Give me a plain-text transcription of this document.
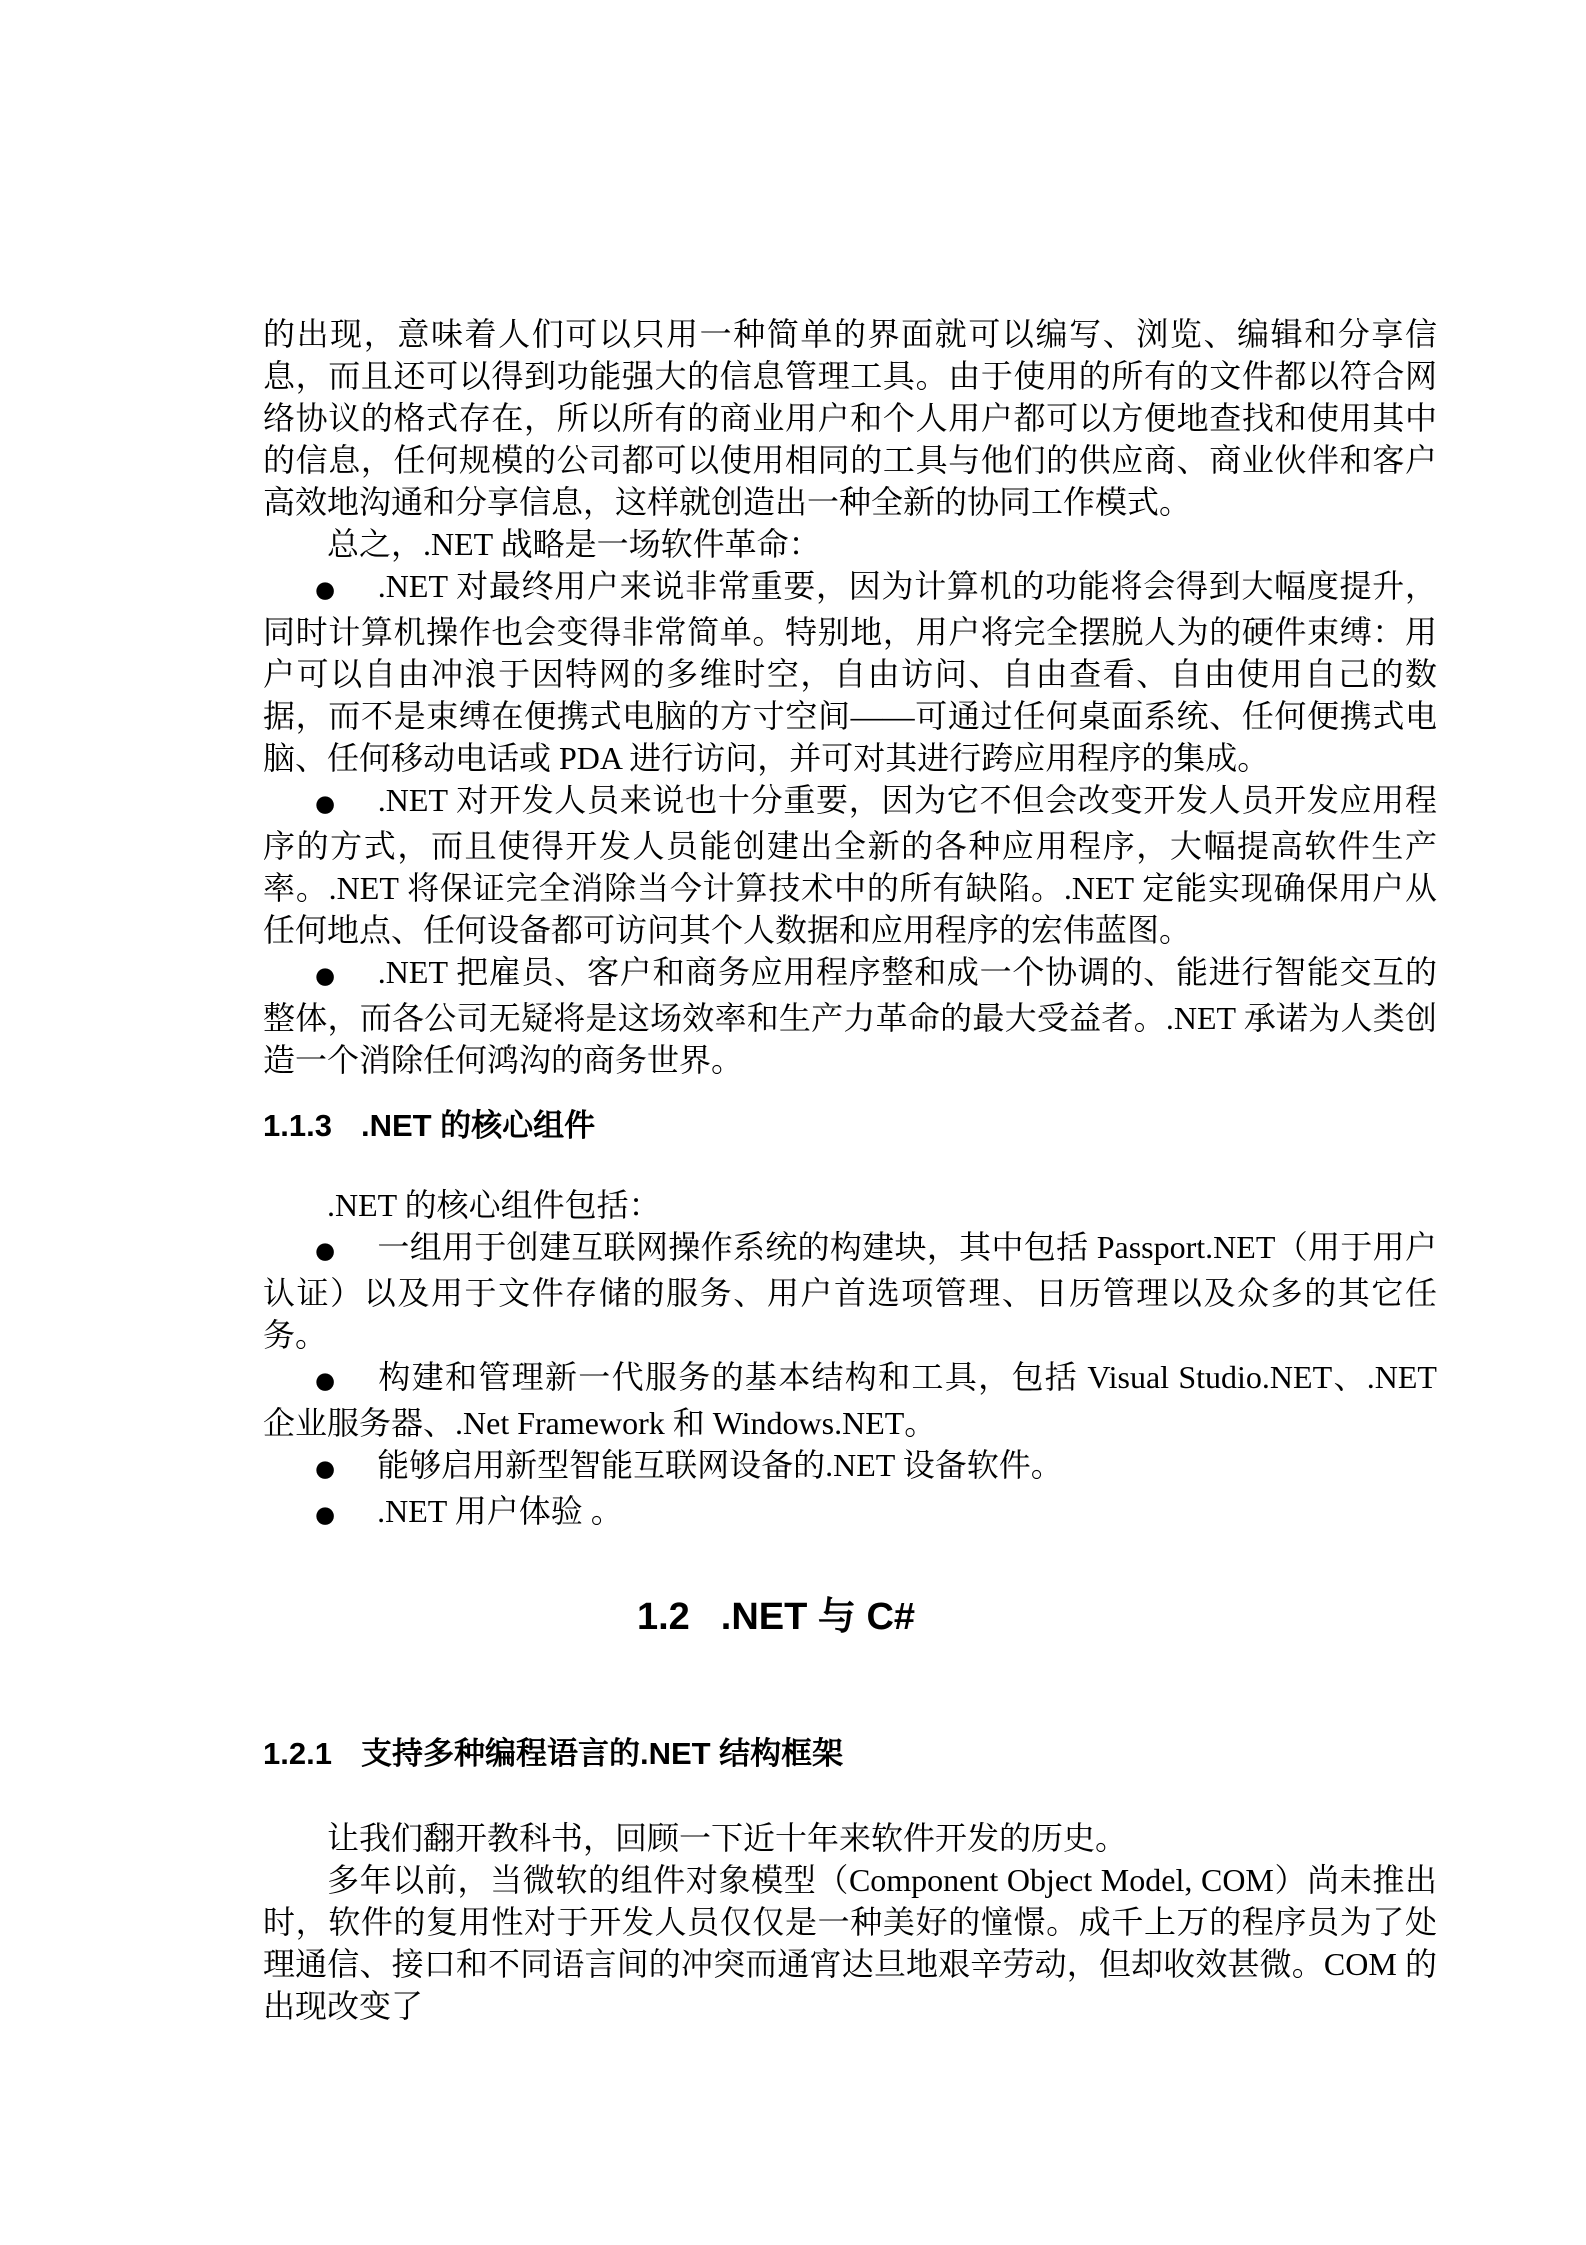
的出现，意味着人们可以只用一种简单的界面就可以编写、浏览、编辑和分享信息，而且还可以得到功能强大的信息管理工具。由于使用的所有的文件都以符合网络协议的格式存在，所以所有的商业用户和个人用户都可以方便地查找和使用其中的信息，任何规模的公司都可以使用相同的工具与他们的供应商、商业伙伴和客户高效地沟通和分享信息，这样就创造出一种全新的协同工作模式。

总之，.NET 战略是一场软件革命：

● .NET 对最终用户来说非常重要，因为计算机的功能将会得到大幅度提升，同时计算机操作也会变得非常简单。特别地，用户将完全摆脱人为的硬件束缚：用户可以自由冲浪于因特网的多维时空，自由访问、自由查看、自由使用自己的数据，而不是束缚在便携式电脑的方寸空间——可通过任何桌面系统、任何便携式电脑、任何移动电话或 PDA 进行访问，并可对其进行跨应用程序的集成。

● .NET 对开发人员来说也十分重要，因为它不但会改变开发人员开发应用程序的方式，而且使得开发人员能创建出全新的各种应用程序，大幅提高软件生产率。.NET 将保证完全消除当今计算技术中的所有缺陷。.NET 定能实现确保用户从任何地点、任何设备都可访问其个人数据和应用程序的宏伟蓝图。

● .NET 把雇员、客户和商务应用程序整和成一个协调的、能进行智能交互的整体，而各公司无疑将是这场效率和生产力革命的最大受益者。.NET 承诺为人类创造一个消除任何鸿沟的商务世界。

1.1.3 .NET 的核心组件

.NET 的核心组件包括：

● 一组用于创建互联网操作系统的构建块，其中包括 Passport.NET（用于用户认证）以及用于文件存储的服务、用户首选项管理、日历管理以及众多的其它任务。

● 构建和管理新一代服务的基本结构和工具，包括 Visual Studio.NET、.NET 企业服务器、.Net Framework 和 Windows.NET。

● 能够启用新型智能互联网设备的.NET 设备软件。

● .NET 用户体验 。

1.2 .NET 与 C#

1.2.1 支持多种编程语言的.NET 结构框架

让我们翻开教科书，回顾一下近十年来软件开发的历史。

多年以前，当微软的组件对象模型（Component Object Model, COM）尚未推出时，软件的复用性对于开发人员仅仅是一种美好的憧憬。成千上万的程序员为了处理通信、接口和不同语言间的冲突而通宵达旦地艰辛劳动，但却收效甚微。COM 的出现改变了
